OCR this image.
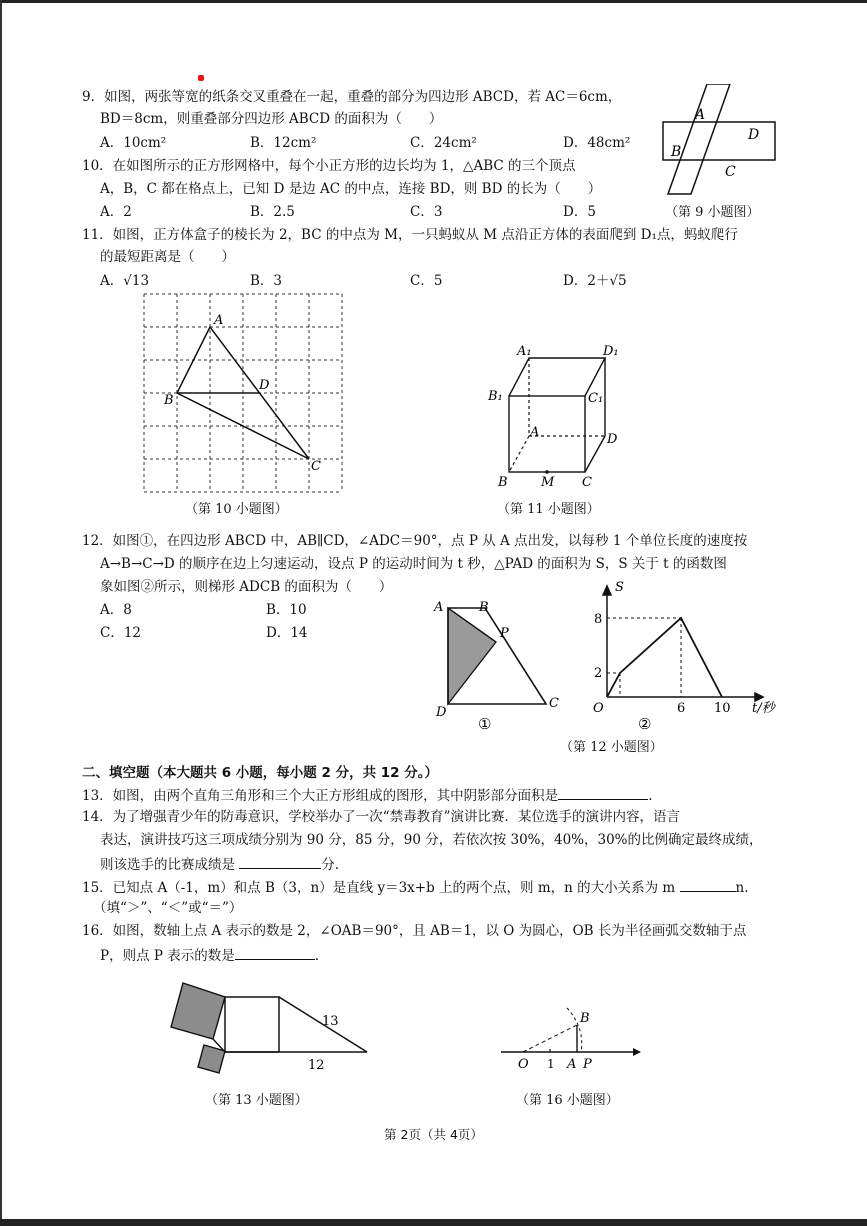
9．如图，两张等宽的纸条交叉重叠在一起，重叠的部分为四边形 ABCD，若 AC＝6cm，
BD＝8cm，则重叠部分四边形 ABCD 的面积为（　　）
A．10cm²	B．12cm²	C．24cm²	D．48cm²
A
B
C
D
（第 9 小题图）
10．在如图所示的正方形网格中，每个小正方形的边长均为 1，△ABC 的三个顶点
A，B，C 都在格点上，已知 D 是边 AC 的中点，连接 BD，则 BD 的长为（　　）
A．2	B．2.5	C．3	D．5
11．如图，正方体盒子的棱长为 2，BC 的中点为 M，一只蚂蚁从 M 点沿正方体的表面爬到 D₁点，蚂蚁爬行
的最短距离是（　　）
A．√13	B．3	C．5	D．2＋√5
A
B
C
D
（第 10 小题图）
A₁	D₁
B₁	C₁
A	D
B	M C
（第 11 小题图）
12．如图①，在四边形 ABCD 中，AB∥CD，∠ADC＝90°，点 P 从 A 点出发，以每秒 1 个单位长度的速度按
A→B→C→D 的顺序在边上匀速运动，设点 P 的运动时间为 t 秒，△PAD 的面积为 S，S 关于 t 的函数图
象如图②所示，则梯形 ADCB 的面积为（　　）
A．8	B．10
C．12	D．14
A	B
P
D
C
①
S
8
2
O	6 10 t/秒
②
（第 12 小题图）
二、填空题（本大题共 6 小题，每小题 2 分，共 12 分。）
13．如图，由两个直角三角形和三个大正方形组成的图形，其中阴影部分面积是	.
14．为了增强青少年的防毒意识，学校举办了一次“禁毒教育”演讲比赛．某位选手的演讲内容，语言
表达，演讲技巧这三项成绩分别为 90 分，85 分，90 分，若依次按 30%，40%，30%的比例确定最终成绩，
则该选手的比赛成绩是	分.
15．已知点 A（-1，m）和点 B（3，n）是直线 y＝3x+b 上的两个点，则 m，n 的大小关系为 m	n.
（填“＞”、“＜”或“＝”）
16．如图，数轴上点 A 表示的数是 2，∠OAB＝90°，且 AB＝1，以 O 为圆心，OB 长为半径画弧交数轴于点
P，则点 P 表示的数是	.
13
12
（第 13 小题图）
B
O 1 A P
（第 16 小题图）
第 2页（共 4页）
